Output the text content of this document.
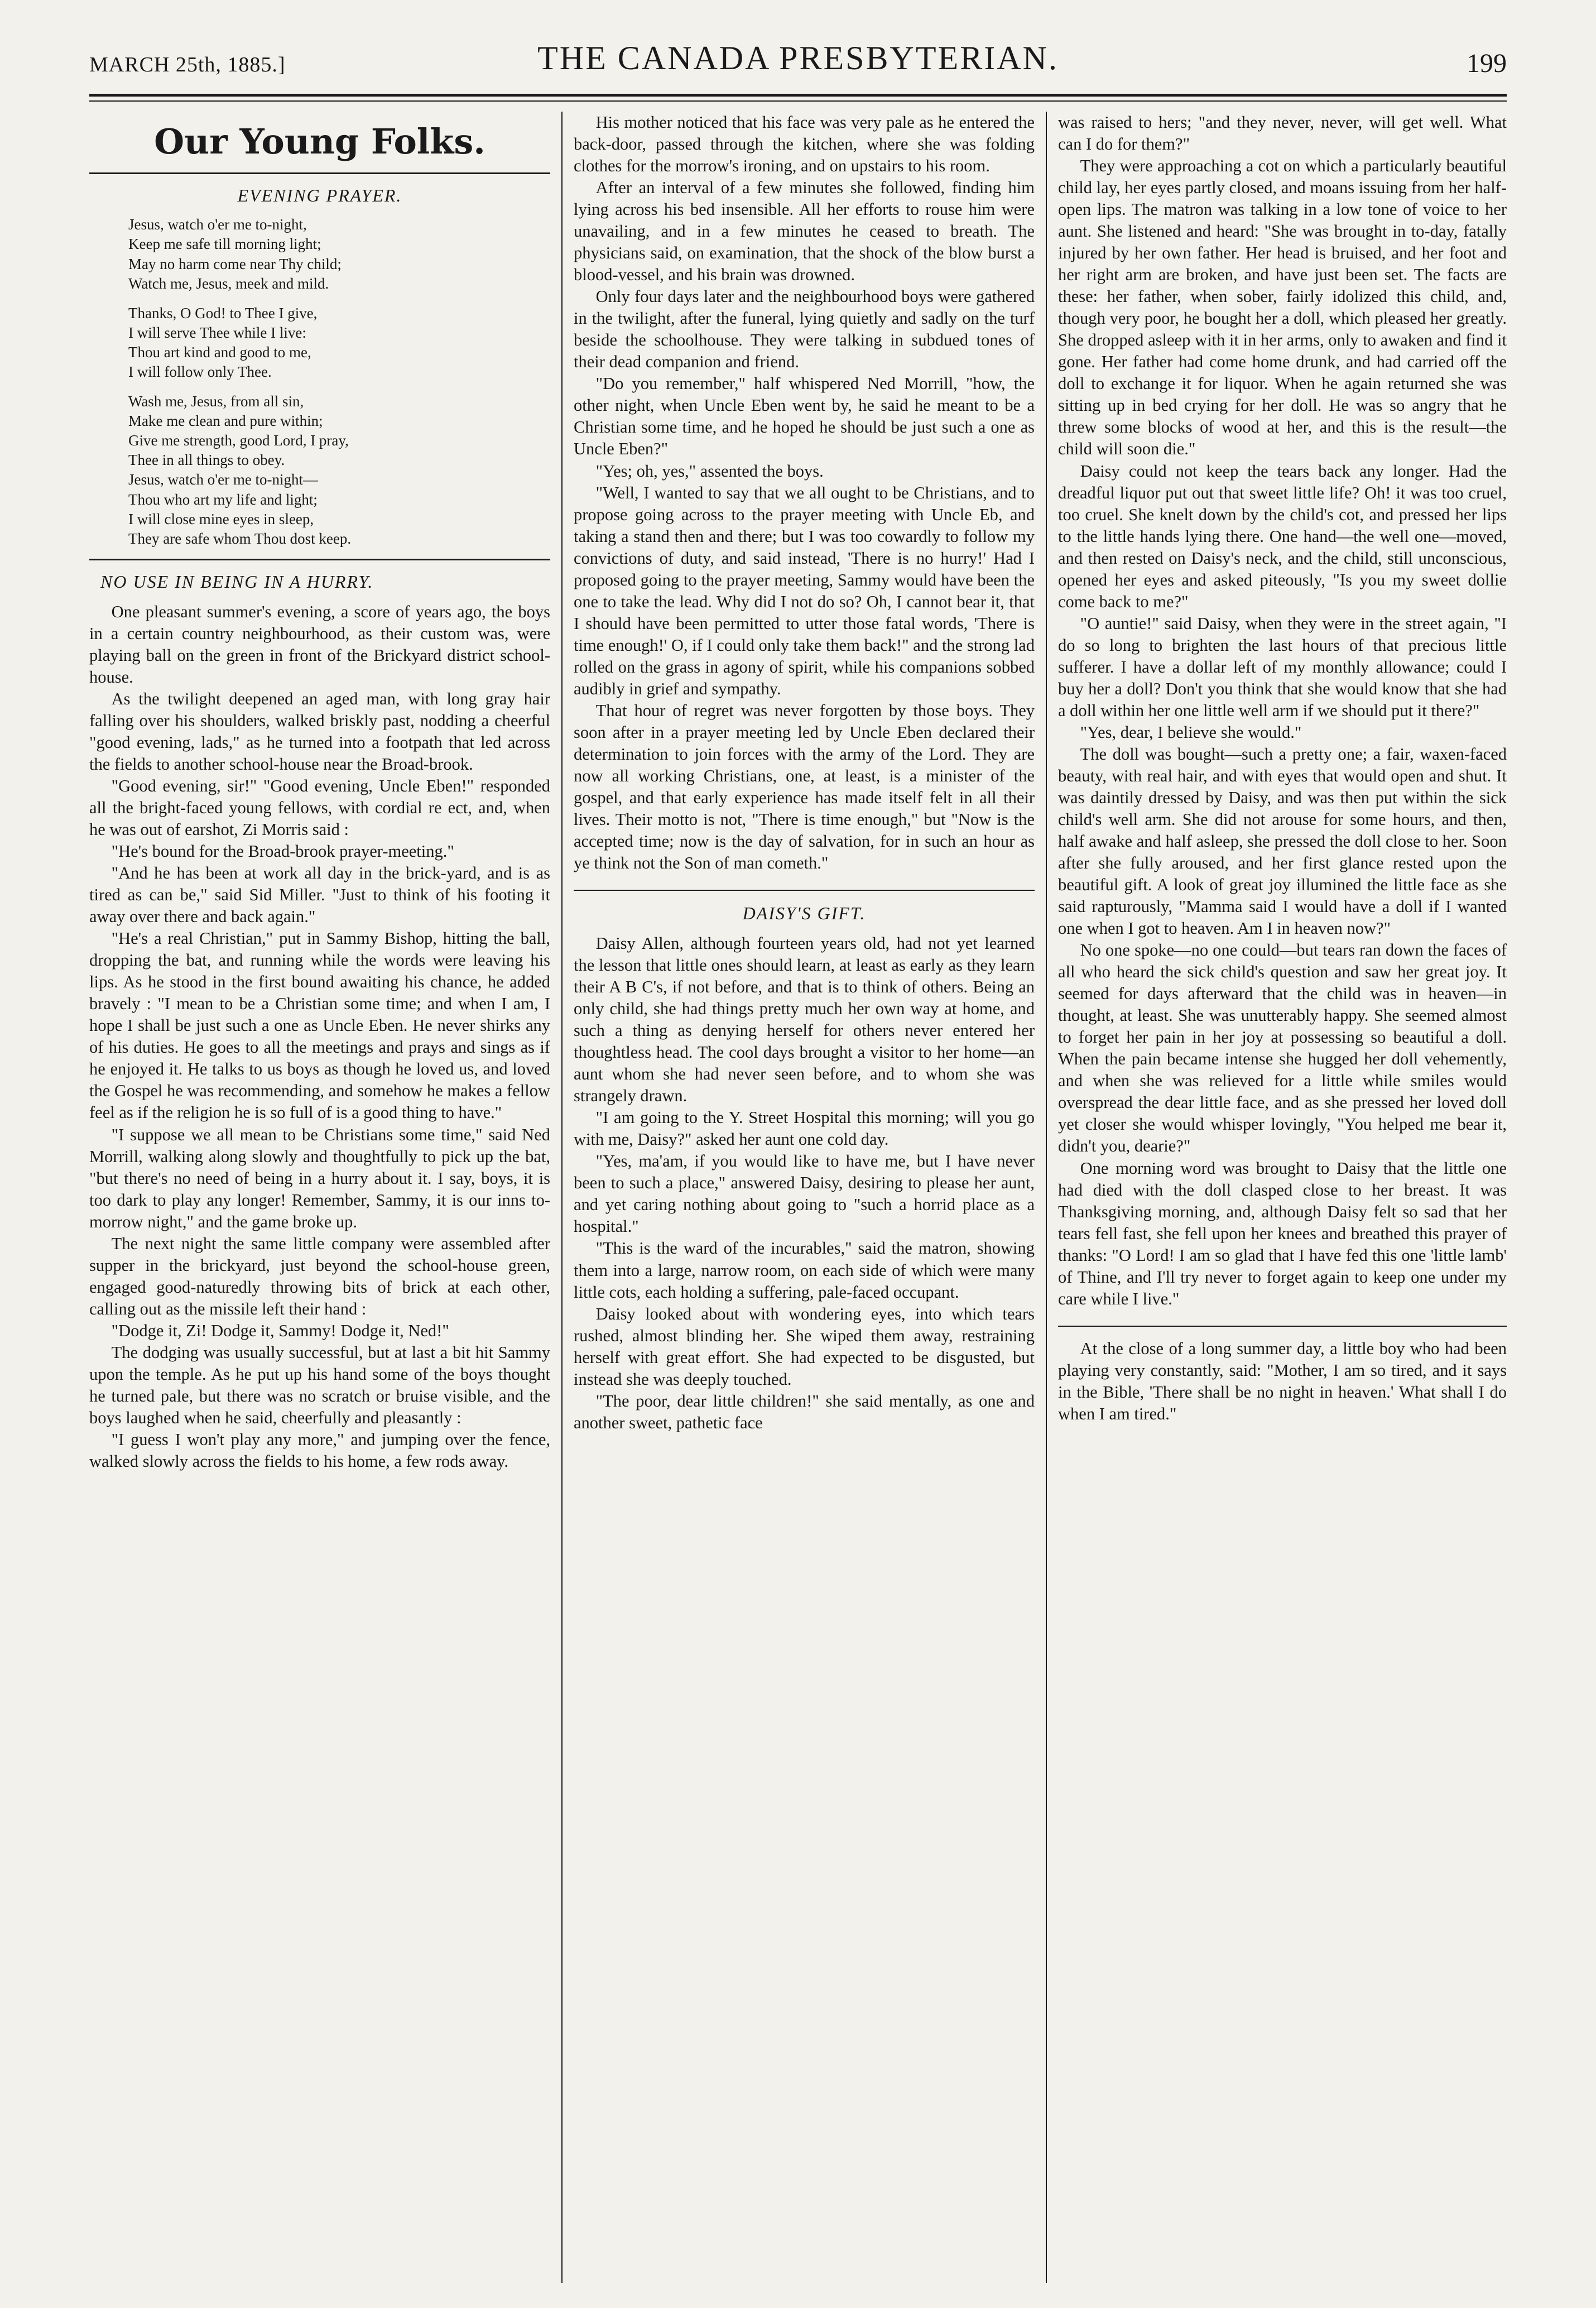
MARCH 25th, 1885.]	THE CANADA PRESBYTERIAN.	199
Our Young Folks.
EVENING PRAYER.
Jesus, watch o'er me to-night,
Keep me safe till morning light;
May no harm come near Thy child;
Watch me, Jesus, meek and mild.
Thanks, O God! to Thee I give,
I will serve Thee while I live:
Thou art kind and good to me,
I will follow only Thee.
Wash me, Jesus, from all sin,
Make me clean and pure within;
Give me strength, good Lord, I pray,
Thee in all things to obey.
Jesus, watch o'er me to-night—
Thou who art my life and light;
I will close mine eyes in sleep,
They are safe whom Thou dost keep.
NO USE IN BEING IN A HURRY.

One pleasant summer's evening, a score of years ago, the boys in a certain country neighbourhood, as their custom was, were playing ball on the green in front of the Brickyard district school-house.

As the twilight deepened an aged man, with long gray hair falling over his shoulders, walked briskly past, nodding a cheerful "good evening, lads," as he turned into a footpath that led across the fields to another school-house near the Broad-brook.

"Good evening, sir!" "Good evening, Uncle Eben!" responded all the bright-faced young fellows, with cordial re ect, and, when he was out of earshot, Zi Morris said :

"He's bound for the Broad-brook prayer-meeting."

"And he has been at work all day in the brick-yard, and is as tired as can be," said Sid Miller. "Just to think of his footing it away over there and back again."

"He's a real Christian," put in Sammy Bishop, hitting the ball, dropping the bat, and running while the words were leaving his lips. As he stood in the first bound awaiting his chance, he added bravely : "I mean to be a Christian some time; and when I am, I hope I shall be just such a one as Uncle Eben. He never shirks any of his duties. He goes to all the meetings and prays and sings as if he enjoyed it. He talks to us boys as though he loved us, and loved the Gospel he was recommending, and somehow he makes a fellow feel as if the religion he is so full of is a good thing to have."

"I suppose we all mean to be Christians some time," said Ned Morrill, walking along slowly and thoughtfully to pick up the bat, "but there's no need of being in a hurry about it. I say, boys, it is too dark to play any longer! Remember, Sammy, it is our inns to-morrow night," and the game broke up.

The next night the same little company were assembled after supper in the brickyard, just beyond the school-house green, engaged good-naturedly throwing bits of brick at each other, calling out as the missile left their hand :

"Dodge it, Zi! Dodge it, Sammy! Dodge it, Ned!"

The dodging was usually successful, but at last a bit hit Sammy upon the temple. As he put up his hand some of the boys thought he turned pale, but there was no scratch or bruise visible, and the boys laughed when he said, cheerfully and pleasantly :

"I guess I won't play any more," and jumping over the fence, walked slowly across the fields to his home, a few rods away.

His mother noticed that his face was very pale as he entered the back-door, passed through the kitchen, where she was folding clothes for the morrow's ironing, and on upstairs to his room.

After an interval of a few minutes she followed, finding him lying across his bed insensible. All her efforts to rouse him were unavailing, and in a few minutes he ceased to breath. The physicians said, on examination, that the shock of the blow burst a blood-vessel, and his brain was drowned.

Only four days later and the neighbourhood boys were gathered in the twilight, after the funeral, lying quietly and sadly on the turf beside the schoolhouse. They were talking in subdued tones of their dead companion and friend.

"Do you remember," half whispered Ned Morrill, "how, the other night, when Uncle Eben went by, he said he meant to be a Christian some time, and he hoped he should be just such a one as Uncle Eben?"

"Yes; oh, yes," assented the boys.

"Well, I wanted to say that we all ought to be Christians, and to propose going across to the prayer meeting with Uncle Eb, and taking a stand then and there; but I was too cowardly to follow my convictions of duty, and said instead, 'There is no hurry!' Had I proposed going to the prayer meeting, Sammy would have been the one to take the lead. Why did I not do so? Oh, I cannot bear it, that I should have been permitted to utter those fatal words, 'There is time enough!' O, if I could only take them back!" and the strong lad rolled on the grass in agony of spirit, while his companions sobbed audibly in grief and sympathy.

That hour of regret was never forgotten by those boys. They soon after in a prayer meeting led by Uncle Eben declared their determination to join forces with the army of the Lord. They are now all working Christians, one, at least, is a minister of the gospel, and that early experience has made itself felt in all their lives. Their motto is not, "There is time enough," but "Now is the accepted time; now is the day of salvation, for in such an hour as ye think not the Son of man cometh."

DAISY'S GIFT.

Daisy Allen, although fourteen years old, had not yet learned the lesson that little ones should learn, at least as early as they learn their A B C's, if not before, and that is to think of others. Being an only child, she had things pretty much her own way at home, and such a thing as denying herself for others never entered her thoughtless head. The cool days brought a visitor to her home—an aunt whom she had never seen before, and to whom she was strangely drawn.

"I am going to the Y. Street Hospital this morning; will you go with me, Daisy?" asked her aunt one cold day.

"Yes, ma'am, if you would like to have me, but I have never been to such a place," answered Daisy, desiring to please her aunt, and yet caring nothing about going to "such a horrid place as a hospital."

"This is the ward of the incurables," said the matron, showing them into a large, narrow room, on each side of which were many little cots, each holding a suffering, pale-faced occupant.

Daisy looked about with wondering eyes, into which tears rushed, almost blinding her. She wiped them away, restraining herself with great effort. She had expected to be disgusted, but instead she was deeply touched.

"The poor, dear little children!" she said mentally, as one and another sweet, pathetic face

was raised to hers; "and they never, never, will get well. What can I do for them?"

They were approaching a cot on which a particularly beautiful child lay, her eyes partly closed, and moans issuing from her half-open lips. The matron was talking in a low tone of voice to her aunt. She listened and heard: "She was brought in to-day, fatally injured by her own father. Her head is bruised, and her foot and her right arm are broken, and have just been set. The facts are these: her father, when sober, fairly idolized this child, and, though very poor, he bought her a doll, which pleased her greatly. She dropped asleep with it in her arms, only to awaken and find it gone. Her father had come home drunk, and had carried off the doll to exchange it for liquor. When he again returned she was sitting up in bed crying for her doll. He was so angry that he threw some blocks of wood at her, and this is the result—the child will soon die."

Daisy could not keep the tears back any longer. Had the dreadful liquor put out that sweet little life? Oh! it was too cruel, too cruel. She knelt down by the child's cot, and pressed her lips to the little hands lying there. One hand—the well one—moved, and then rested on Daisy's neck, and the child, still unconscious, opened her eyes and asked piteously, "Is you my sweet dollie come back to me?"

"O auntie!" said Daisy, when they were in the street again, "I do so long to brighten the last hours of that precious little sufferer. I have a dollar left of my monthly allowance; could I buy her a doll? Don't you think that she would know that she had a doll within her one little well arm if we should put it there?"

"Yes, dear, I believe she would."

The doll was bought—such a pretty one; a fair, waxen-faced beauty, with real hair, and with eyes that would open and shut. It was daintily dressed by Daisy, and was then put within the sick child's well arm. She did not arouse for some hours, and then, half awake and half asleep, she pressed the doll close to her. Soon after she fully aroused, and her first glance rested upon the beautiful gift. A look of great joy illumined the little face as she said rapturously, "Mamma said I would have a doll if I wanted one when I got to heaven. Am I in heaven now?"

No one spoke—no one could—but tears ran down the faces of all who heard the sick child's question and saw her great joy. It seemed for days afterward that the child was in heaven—in thought, at least. She was unutterably happy. She seemed almost to forget her pain in her joy at possessing so beautiful a doll. When the pain became intense she hugged her doll vehemently, and when she was relieved for a little while smiles would overspread the dear little face, and as she pressed her loved doll yet closer she would whisper lovingly, "You helped me bear it, didn't you, dearie?"

One morning word was brought to Daisy that the little one had died with the doll clasped close to her breast. It was Thanksgiving morning, and, although Daisy felt so sad that her tears fell fast, she fell upon her knees and breathed this prayer of thanks: "O Lord! I am so glad that I have fed this one 'little lamb' of Thine, and I'll try never to forget again to keep one under my care while I live."

At the close of a long summer day, a little boy who had been playing very constantly, said: "Mother, I am so tired, and it says in the Bible, 'There shall be no night in heaven.' What shall I do when I am tired."
